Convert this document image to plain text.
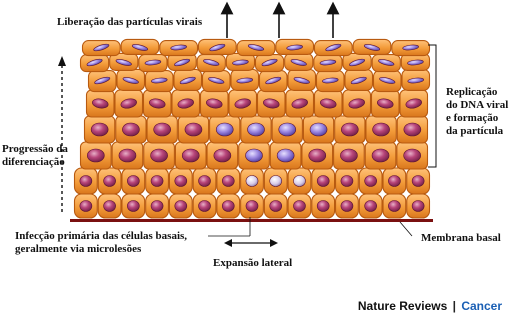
Liberação das partículas virais
Replicação
do DNA viral
e formação
da partícula
Progressão da
diferenciação
Infecção primária das células basais,
geralmente via microlesões
Membrana basal
Expansão lateral
Nature Reviews | Cancer
